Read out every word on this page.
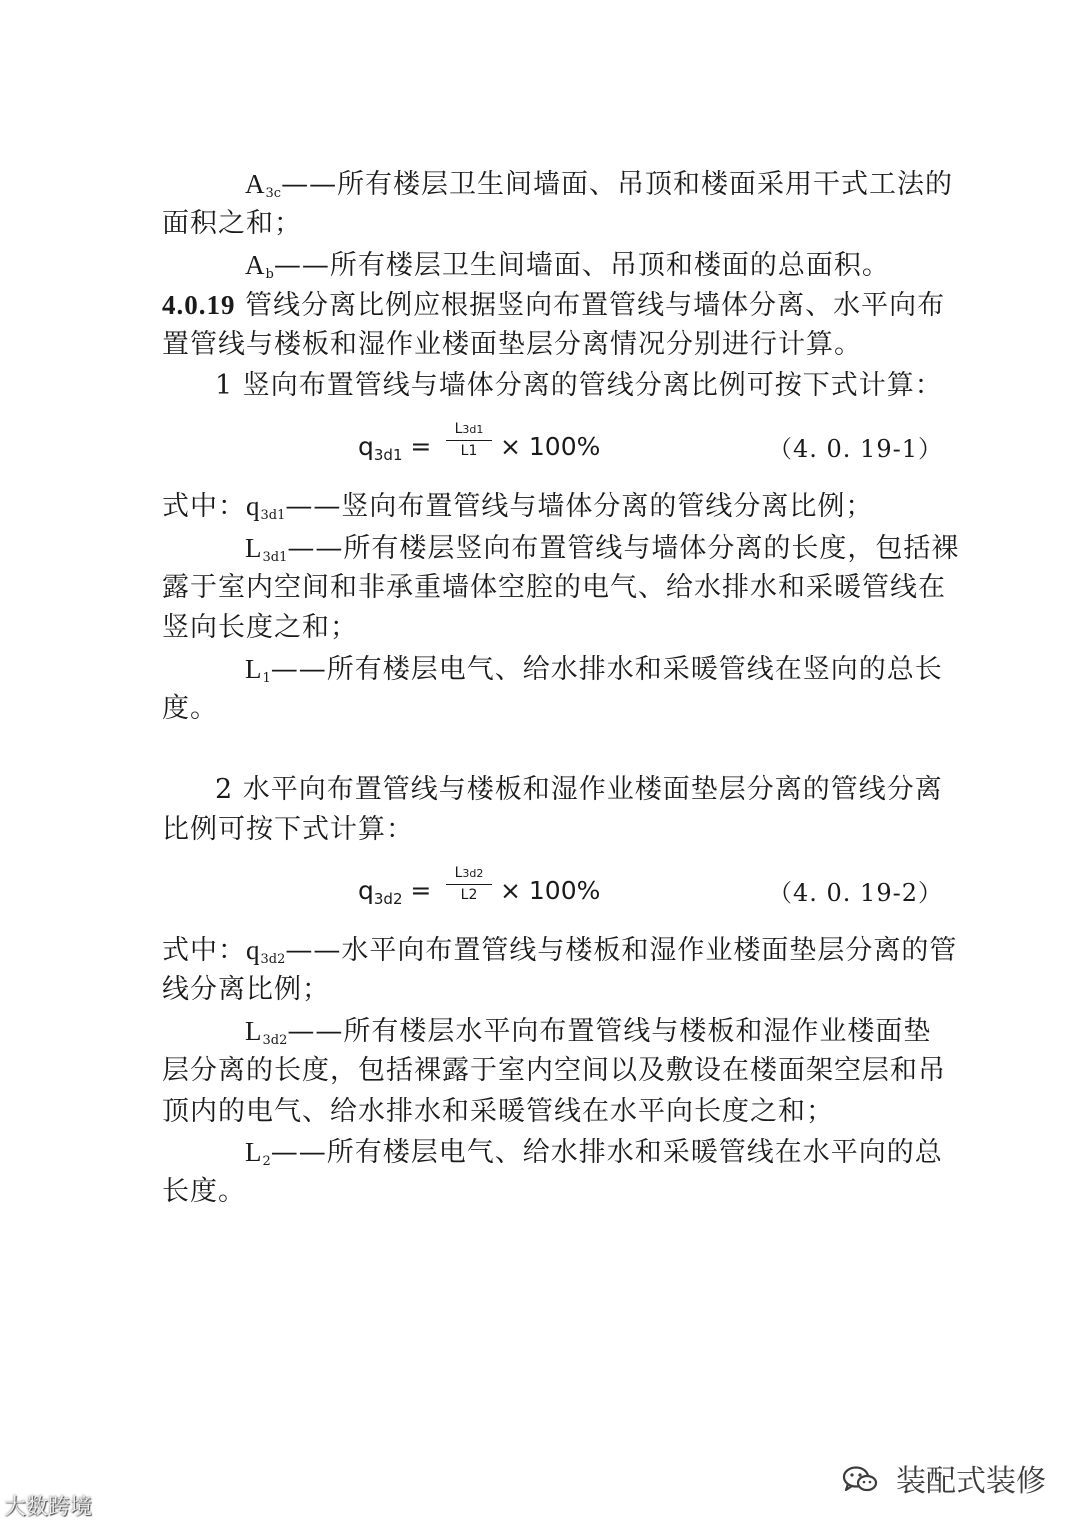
A3c——所有楼层卫生间墙面、吊顶和楼面采用干式工法的
面积之和；
Ab——所有楼层卫生间墙面、吊顶和楼面的总面积。
4.0.19 管线分离比例应根据竖向布置管线与墙体分离、水平向布
置管线与楼板和湿作业楼面垫层分离情况分别进行计算。
1 竖向布置管线与墙体分离的管线分离比例可按下式计算：
$q_{3d1}$ =
L3d1
L1 × 100%	（4. 0. 19-1）
式中：q3d1——竖向布置管线与墙体分离的管线分离比例；
L3d1——所有楼层竖向布置管线与墙体分离的长度，包括裸
露于室内空间和非承重墙体空腔的电气、给水排水和采暖管线在
竖向长度之和；
L1——所有楼层电气、给水排水和采暖管线在竖向的总长
度。
2 水平向布置管线与楼板和湿作业楼面垫层分离的管线分离
比例可按下式计算：
$q_{3d2}$ =
L3d2
L2 × 100%	（4. 0. 19-2）
式中：q3d2——水平向布置管线与楼板和湿作业楼面垫层分离的管
线分离比例；
L3d2——所有楼层水平向布置管线与楼板和湿作业楼面垫
层分离的长度，包括裸露于室内空间以及敷设在楼面架空层和吊
顶内的电气、给水排水和采暖管线在水平向长度之和；
L2——所有楼层电气、给水排水和采暖管线在水平向的总
长度。
大数跨境
装配式装修
